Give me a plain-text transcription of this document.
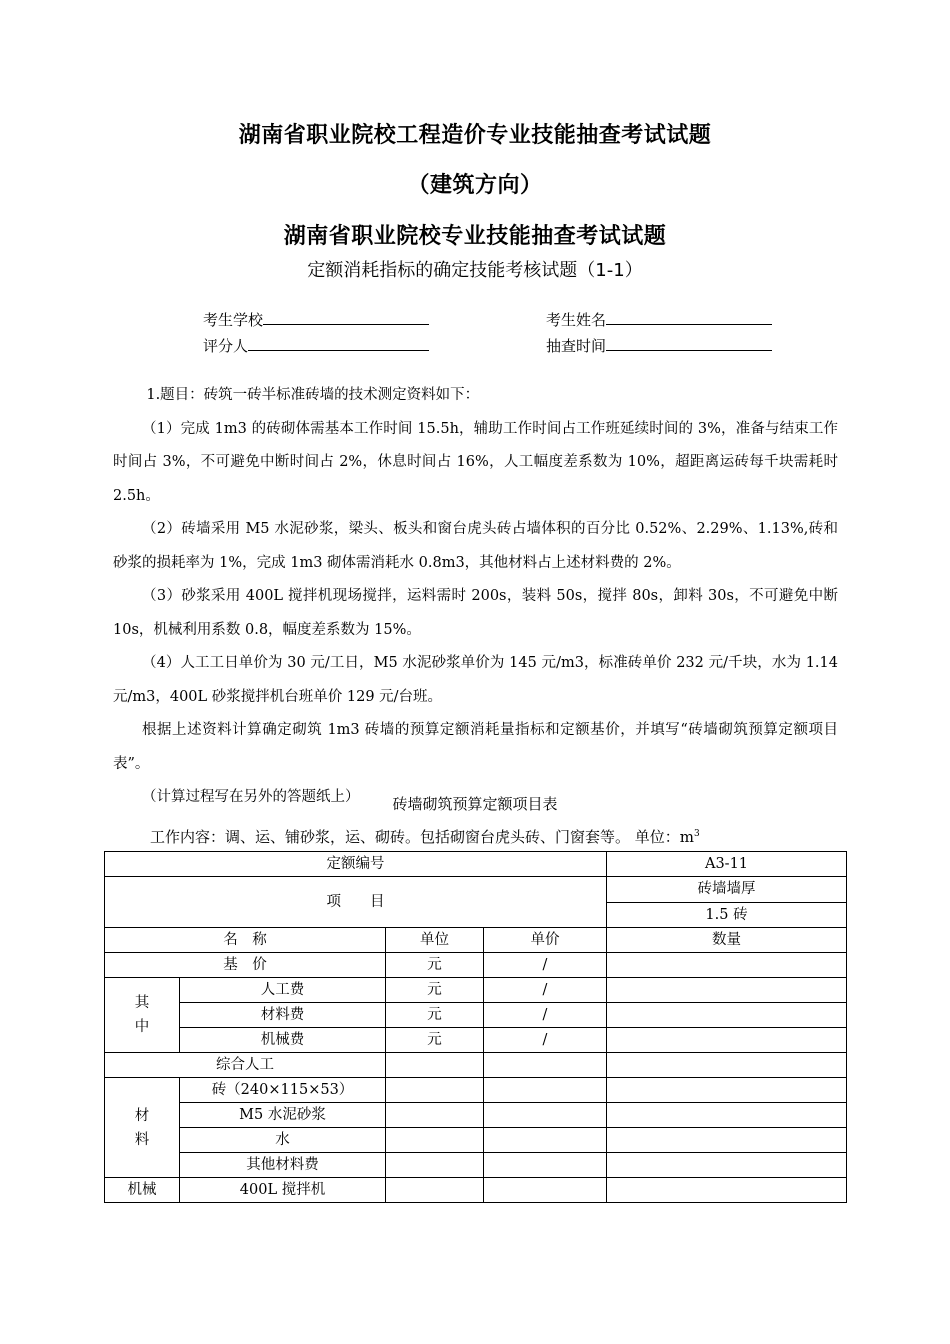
湖南省职业院校工程造价专业技能抽查考试试题
（建筑方向）
湖南省职业院校专业技能抽查考试试题
定额消耗指标的确定技能考核试题（1-1）
考生学校	考生姓名
评分人	抽查时间

1.题目：砖筑一砖半标准砖墙的技术测定资料如下：

（1）完成 1m3 的砖砌体需基本工作时间 15.5h，辅助工作时间占工作班延续时间的 3%，准备与结束工作时间占 3%，不可避免中断时间占 2%，休息时间占 16%，人工幅度差系数为 10%，超距离运砖每千块需耗时 2.5h。

（2）砖墙采用 M5 水泥砂浆，梁头、板头和窗台虎头砖占墙体积的百分比 0.52%、2.29%、1.13%,砖和砂浆的损耗率为 1%，完成 1m3 砌体需消耗水 0.8m3，其他材料占上述材料费的 2%。

（3）砂浆采用 400L 搅拌机现场搅拌，运料需时 200s，装料 50s，搅拌 80s，卸料 30s，不可避免中断 10s，机械利用系数 0.8，幅度差系数为 15%。

（4）人工工日单价为 30 元/工日，M5 水泥砂浆单价为 145 元/m3，标准砖单价 232 元/千块，水为 1.14 元/m3，400L 砂浆搅拌机台班单价 129 元/台班。

根据上述资料计算确定砌筑 1m3 砖墙的预算定额消耗量指标和定额基价，并填写“砖墙砌筑预算定额项目表”。

（计算过程写在另外的答题纸上）	砖墙砌筑预算定额项目表
工作内容：调、运、铺砂浆，运、砌砖。包括砌窗台虎头砖、门窗套等。 单位：$m^3$
定额编号				A3-11
项　　目				砖墙墙厚
				1.5 砖
名　称		单位	单价	数量
基　价		元	/	
其
中	人工费	元	/	
	材料费	元	/	
	机械费	元	/	
综合人工				
材
料	砖（240×115×53）			
	M5 水泥砂浆			
	水			
	其他材料费			
机械	400L 搅拌机			
